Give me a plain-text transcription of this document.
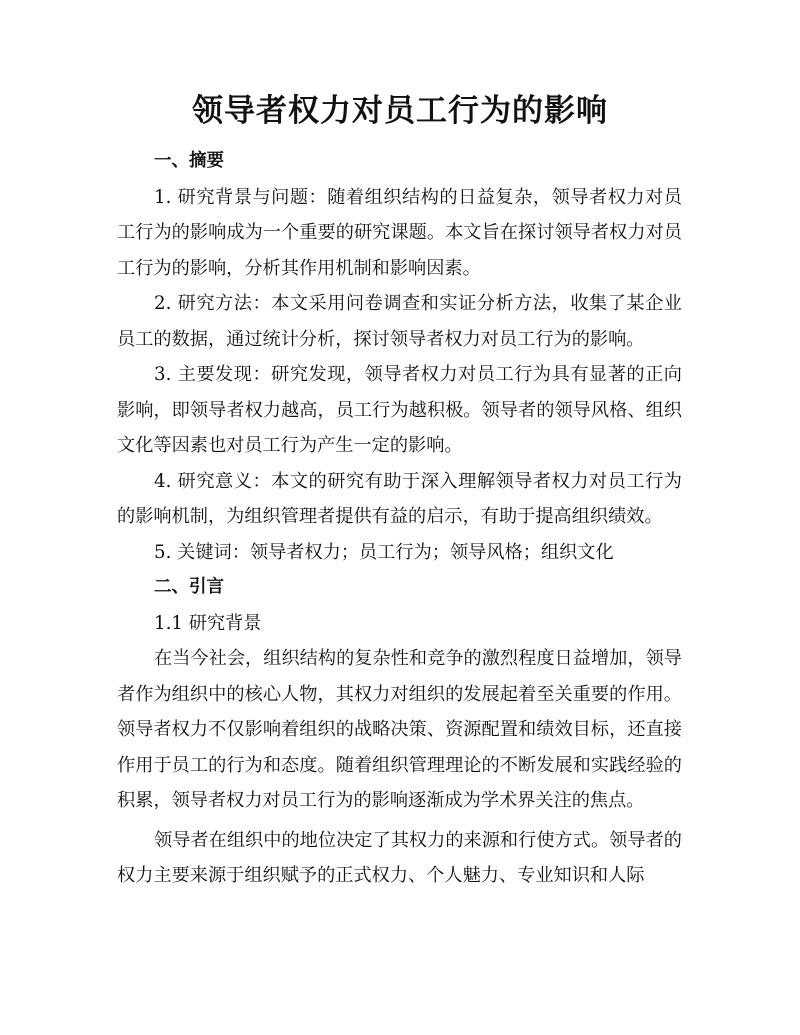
领导者权力对员工行为的影响

一、摘要

1. 研究背景与问题：随着组织结构的日益复杂，领导者权力对员工行为的影响成为一个重要的研究课题。本文旨在探讨领导者权力对员工行为的影响，分析其作用机制和影响因素。

2. 研究方法：本文采用问卷调查和实证分析方法，收集了某企业员工的数据，通过统计分析，探讨领导者权力对员工行为的影响。

3. 主要发现：研究发现，领导者权力对员工行为具有显著的正向影响，即领导者权力越高，员工行为越积极。领导者的领导风格、组织文化等因素也对员工行为产生一定的影响。

4. 研究意义：本文的研究有助于深入理解领导者权力对员工行为的影响机制，为组织管理者提供有益的启示，有助于提高组织绩效。

5. 关键词：领导者权力；员工行为；领导风格；组织文化

二、引言

1.1 研究背景

在当今社会，组织结构的复杂性和竞争的激烈程度日益增加，领导者作为组织中的核心人物，其权力对组织的发展起着至关重要的作用。领导者权力不仅影响着组织的战略决策、资源配置和绩效目标，还直接作用于员工的行为和态度。随着组织管理理论的不断发展和实践经验的积累，领导者权力对员工行为的影响逐渐成为学术界关注的焦点。

领导者在组织中的地位决定了其权力的来源和行使方式。领导者的权力主要来源于组织赋予的正式权力、个人魅力、专业知识和人际
